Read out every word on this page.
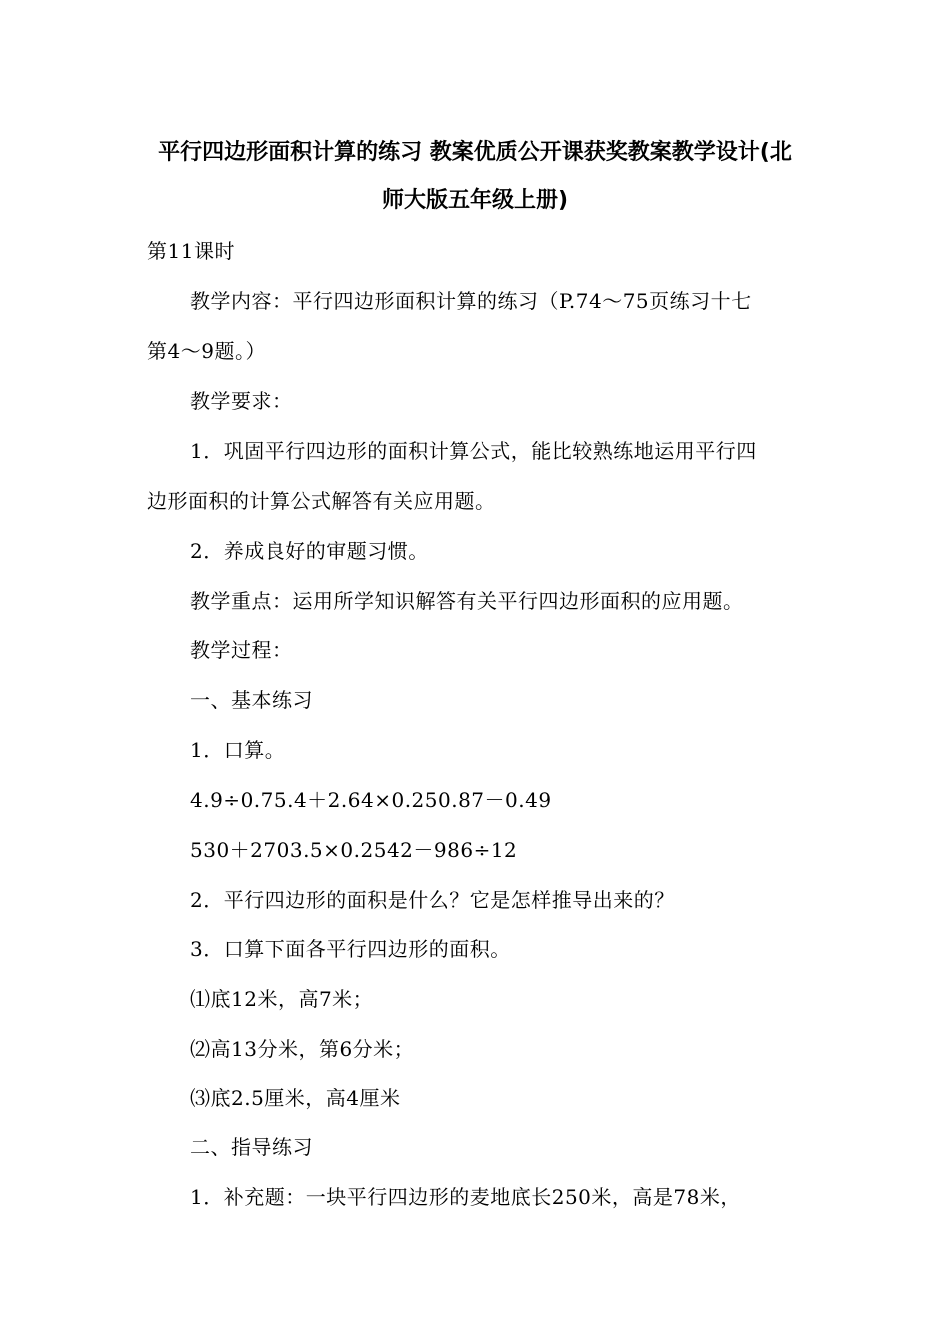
平行四边形面积计算的练习 教案优质公开课获奖教案教学设计(北
师大版五年级上册)
第11课时
教学内容：平行四边形面积计算的练习（P.74～75页练习十七
第4～9题。）
教学要求：
1．巩固平行四边形的面积计算公式，能比较熟练地运用平行四
边形面积的计算公式解答有关应用题。
2．养成良好的审题习惯。
教学重点：运用所学知识解答有关平行四边形面积的应用题。
教学过程：
一、基本练习
1．口算。
4.9÷0.75.4＋2.64×0.250.87－0.49
530＋2703.5×0.2542－986÷12
2．平行四边形的面积是什么？它是怎样推导出来的？
3．口算下面各平行四边形的面积。
⑴底12米，高7米；
⑵高13分米，第6分米；
⑶底2.5厘米，高4厘米
二、指导练习
1．补充题：一块平行四边形的麦地底长250米，高是78米，
